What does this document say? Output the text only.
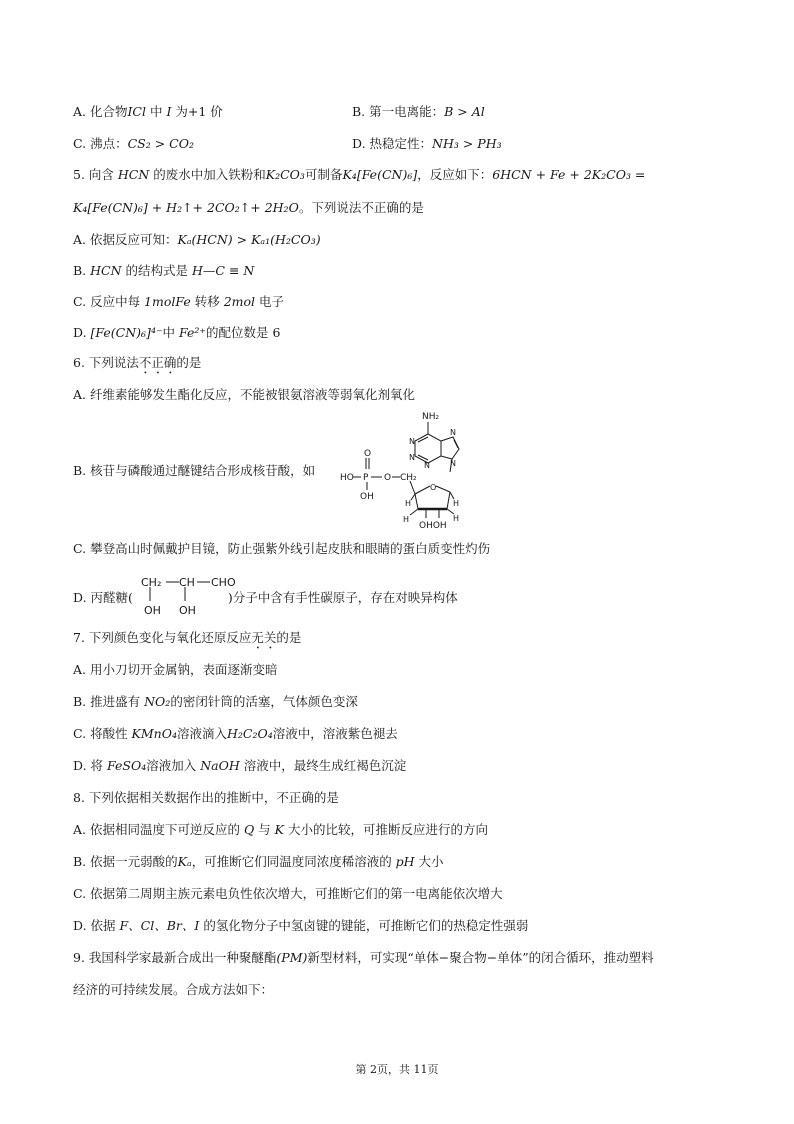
A. 化合物ICl 中 I 为+1 价	B. 第一电离能：B > Al
C. 沸点：CS₂ > CO₂	D. 热稳定性：NH₃ > PH₃
5. 向含 HCN 的废水中加入铁粉和K₂CO₃可制备K₄[Fe(CN)₆]，反应如下：6HCN + Fe + 2K₂CO₃ =
K₄[Fe(CN)₆] + H₂↑+ 2CO₂↑+ 2H₂O。下列说法不正确的是
A. 依据反应可知：Kₐ(HCN) > Kₐ₁(H₂CO₃)
B. HCN 的结构式是 H—C ≡ N
C. 反应中每 1molFe 转移 2mol 电子
D. [Fe(CN)₆]⁴⁻中 Fe²⁺的配位数是 6
6. 下列说法不正确的是
A. 纤维素能够发生酯化反应，不能被银氨溶液等弱氧化剂氧化
B. 核苷与磷酸通过醚键结合形成核苷酸，如
NH₂
N
N
N
N
N
HO P
O
O
OH
CH₂
O
H	H
H	H
OHOH
C. 攀登高山时佩戴护目镜，防止强紫外线引起皮肤和眼睛的蛋白质变性灼伤
D. 丙醛糖(	)分子中含有手性碳原子，存在对映异构体
CH₂ CH CHO
OH OH
7. 下列颜色变化与氧化还原反应无关的是
A. 用小刀切开金属钠，表面逐渐变暗
B. 推进盛有 NO₂的密闭针筒的活塞，气体颜色变深
C. 将酸性 KMnO₄溶液滴入H₂C₂O₄溶液中，溶液紫色褪去
D. 将 FeSO₄溶液加入 NaOH 溶液中，最终生成红褐色沉淀
8. 下列依据相关数据作出的推断中，不正确的是
A. 依据相同温度下可逆反应的 Q 与 K 大小的比较，可推断反应进行的方向
B. 依据一元弱酸的Kₐ，可推断它们同温度同浓度稀溶液的 pH 大小
C. 依据第二周期主族元素电负性依次增大，可推断它们的第一电离能依次增大
D. 依据 F、Cl、Br、I 的氢化物分子中氢卤键的键能，可推断它们的热稳定性强弱
9. 我国科学家最新合成出一种聚醚酯(PM)新型材料，可实现“单体−聚合物−单体”的闭合循环，推动塑料
经济的可持续发展。合成方法如下：
第 2页，共 11页
